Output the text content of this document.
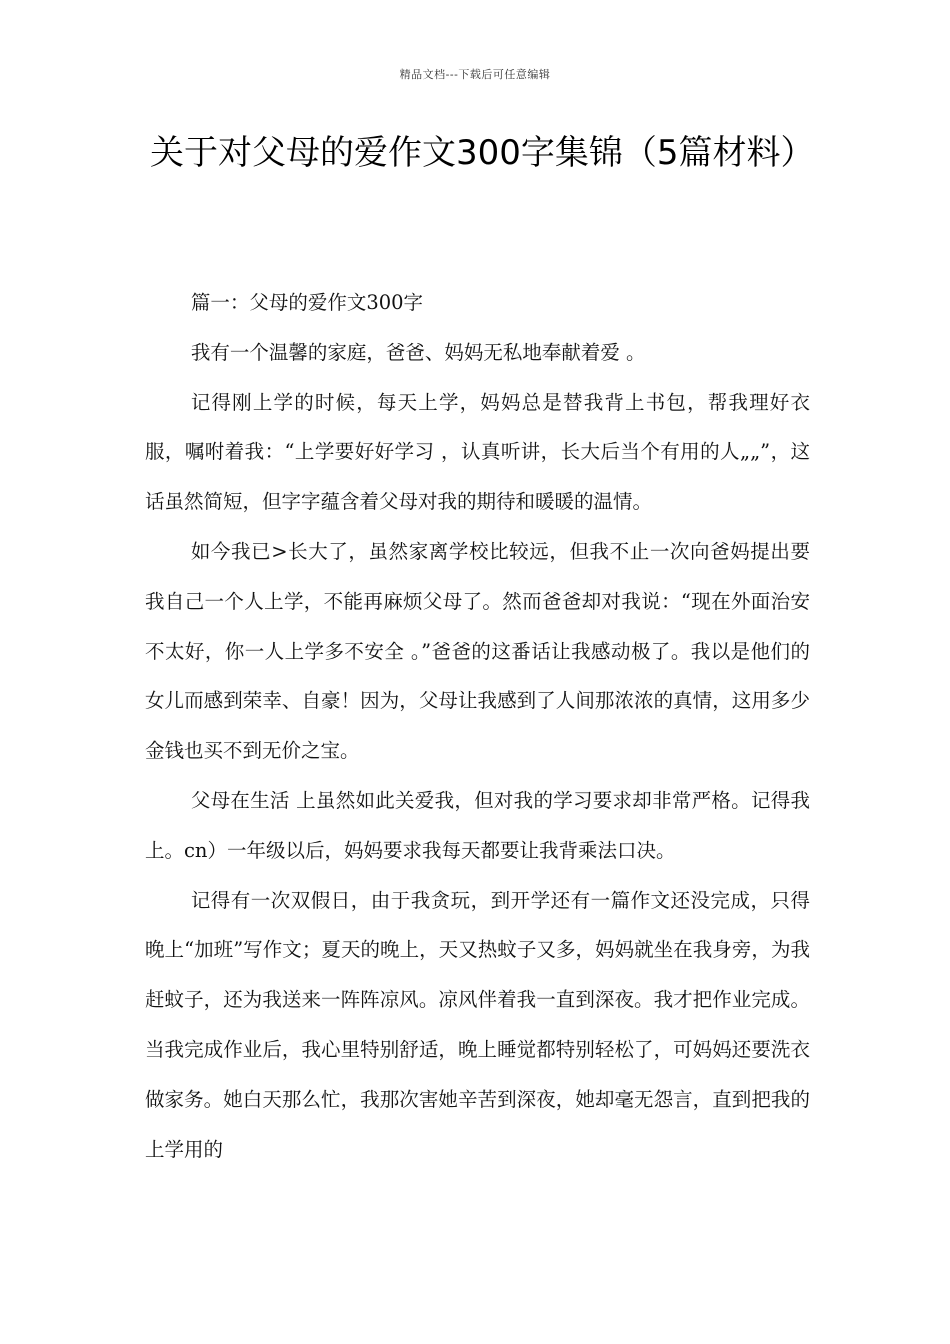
精品文档---下载后可任意编辑
关于对父母的爱作文300字集锦（5篇材料）

篇一：父母的爱作文300字

我有一个温馨的家庭，爸爸、妈妈无私地奉献着爱 。

记得刚上学的时候，每天上学，妈妈总是替我背上书包，帮我理好衣服，嘱咐着我：“上学要好好学习 ，认真听讲，长大后当个有用的人„„”，这话虽然简短，但字字蕴含着父母对我的期待和暖暖的温情。

如今我已>长大了，虽然家离学校比较远，但我不止一次向爸妈提出要我自己一个人上学，不能再麻烦父母了。然而爸爸却对我说：“现在外面治安不太好，你一人上学多不安全 。”爸爸的这番话让我感动极了。我以是他们的女儿而感到荣幸、自豪！因为，父母让我感到了人间那浓浓的真情，这用多少金钱也买不到无价之宝。

父母在生活 上虽然如此关爱我，但对我的学习要求却非常严格。记得我上。cn）一年级以后，妈妈要求我每天都要让我背乘法口决。

记得有一次双假日，由于我贪玩，到开学还有一篇作文还没完成，只得晚上“加班”写作文；夏天的晚上，天又热蚊子又多，妈妈就坐在我身旁，为我赶蚊子，还为我送来一阵阵凉风。凉风伴着我一直到深夜。我才把作业完成。当我完成作业后，我心里特别舒适，晚上睡觉都特别轻松了，可妈妈还要洗衣做家务。她白天那么忙，我那次害她辛苦到深夜，她却毫无怨言，直到把我的上学用的
